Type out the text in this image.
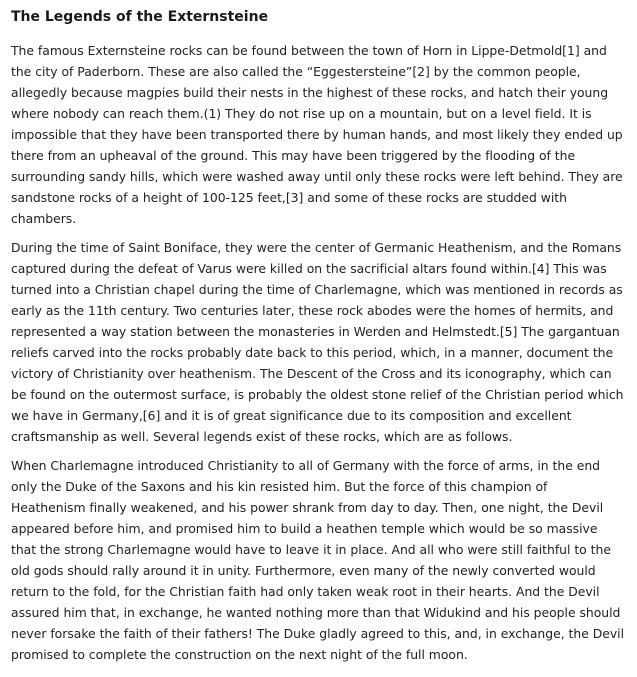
The Legends of the Externsteine

The famous Externsteine rocks can be found between the town of Horn in Lippe-Detmold[1] and the city of Paderborn. These are also called the “Eggestersteine”[2] by the common people, allegedly because magpies build their nests in the highest of these rocks, and hatch their young where nobody can reach them.(1) They do not rise up on a mountain, but on a level field. It is impossible that they have been transported there by human hands, and most likely they ended up there from an upheaval of the ground. This may have been triggered by the flooding of the surrounding sandy hills, which were washed away until only these rocks were left behind. They are sandstone rocks of a height of 100-125 feet,[3] and some of these rocks are studded with chambers.

During the time of Saint Boniface, they were the center of Germanic Heathenism, and the Romans captured during the defeat of Varus were killed on the sacrificial altars found within.[4] This was turned into a Christian chapel during the time of Charlemagne, which was mentioned in records as early as the 11th century. Two centuries later, these rock abodes were the homes of hermits, and represented a way station between the monasteries in Werden and Helmstedt.[5] The gargantuan reliefs carved into the rocks probably date back to this period, which, in a manner, document the victory of Christianity over heathenism. The Descent of the Cross and its iconography, which can be found on the outermost surface, is probably the oldest stone relief of the Christian period which we have in Germany,[6] and it is of great significance due to its composition and excellent craftsmanship as well. Several legends exist of these rocks, which are as follows.

When Charlemagne introduced Christianity to all of Germany with the force of arms, in the end only the Duke of the Saxons and his kin resisted him. But the force of this champion of Heathenism finally weakened, and his power shrank from day to day. Then, one night, the Devil appeared before him, and promised him to build a heathen temple which would be so massive that the strong Charlemagne would have to leave it in place. And all who were still faithful to the old gods should rally around it in unity. Furthermore, even many of the newly converted would return to the fold, for the Christian faith had only taken weak root in their hearts. And the Devil assured him that, in exchange, he wanted nothing more than that Widukind and his people should never forsake the faith of their fathers! The Duke gladly agreed to this, and, in exchange, the Devil promised to complete the construction on the next night of the full moon.
